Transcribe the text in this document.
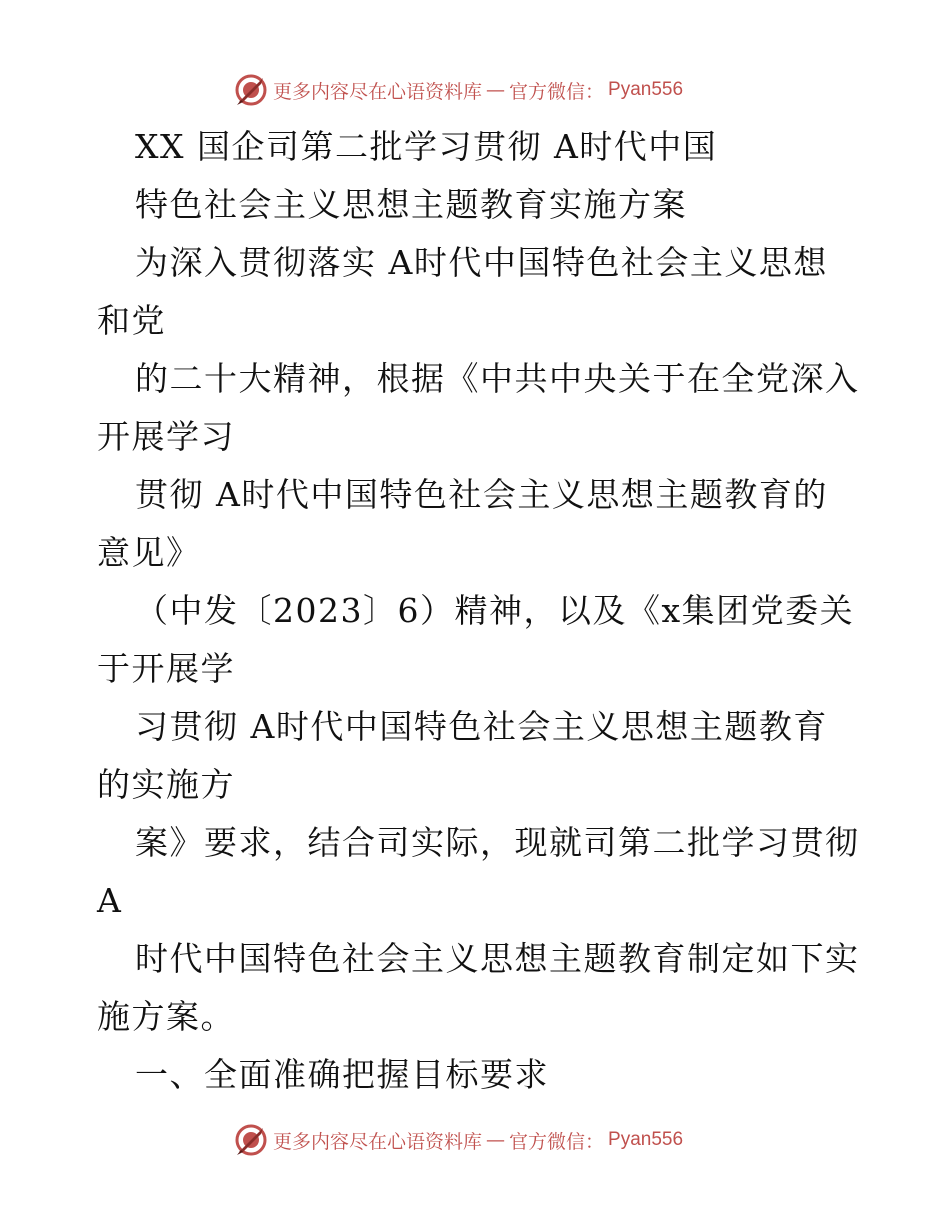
更多内容尽在心语资料库 — 官方微信： Pyan556
XX 国企司第二批学习贯彻 A时代中国
特色社会主义思想主题教育实施方案
为深入贯彻落实 A时代中国特色社会主义思想
和党
的二十大精神，根据《中共中央关于在全党深入
开展学习
贯彻 A时代中国特色社会主义思想主题教育的
意见》
（中发〔2023〕6）精神，以及《x集团党委关
于开展学
习贯彻 A时代中国特色社会主义思想主题教育
的实施方
案》要求，结合司实际，现就司第二批学习贯彻
A
时代中国特色社会主义思想主题教育制定如下实
施方案。
一、全面准确把握目标要求
更多内容尽在心语资料库 — 官方微信： Pyan556
